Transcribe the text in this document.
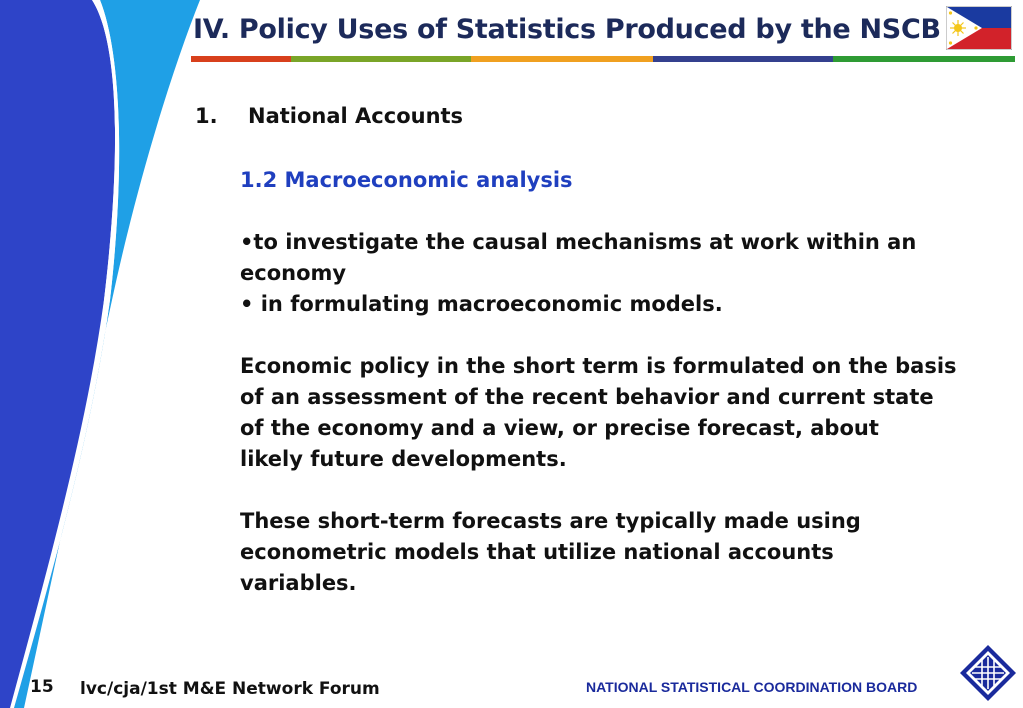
IV. Policy Uses of Statistics Produced by the NSCB
1. National Accounts
1.2 Macroeconomic analysis
•to investigate the causal mechanisms at work within an
economy
• in formulating macroeconomic models.
Economic policy in the short term is formulated on the basis
of an assessment of the recent behavior and current state
of the economy and a view, or precise forecast, about
likely future developments.
These short-term forecasts are typically made using
econometric models that utilize national accounts
variables.
15 lvc/cja/1st M&E Network Forum	NATIONAL STATISTICAL COORDINATION BOARD
